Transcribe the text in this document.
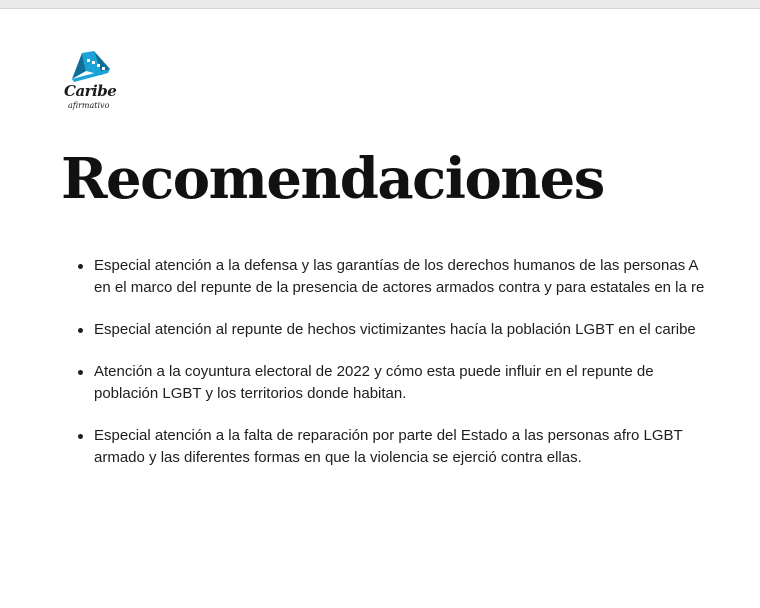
Caribe
afirmativo
Recomendaciones
Especial atención a la defensa y las garantías de los derechos humanos de las personas A
en el marco del repunte de la presencia de actores armados contra y para estatales en la re
Especial atención al repunte de hechos victimizantes hacía la población LGBT en el caribe
Atención a la coyuntura electoral de 2022 y cómo esta puede influir en el repunte de
población LGBT y los territorios donde habitan.
Especial atención a la falta de reparación por parte del Estado a las personas afro LGBT
armado y las diferentes formas en que la violencia se ejerció contra ellas.
